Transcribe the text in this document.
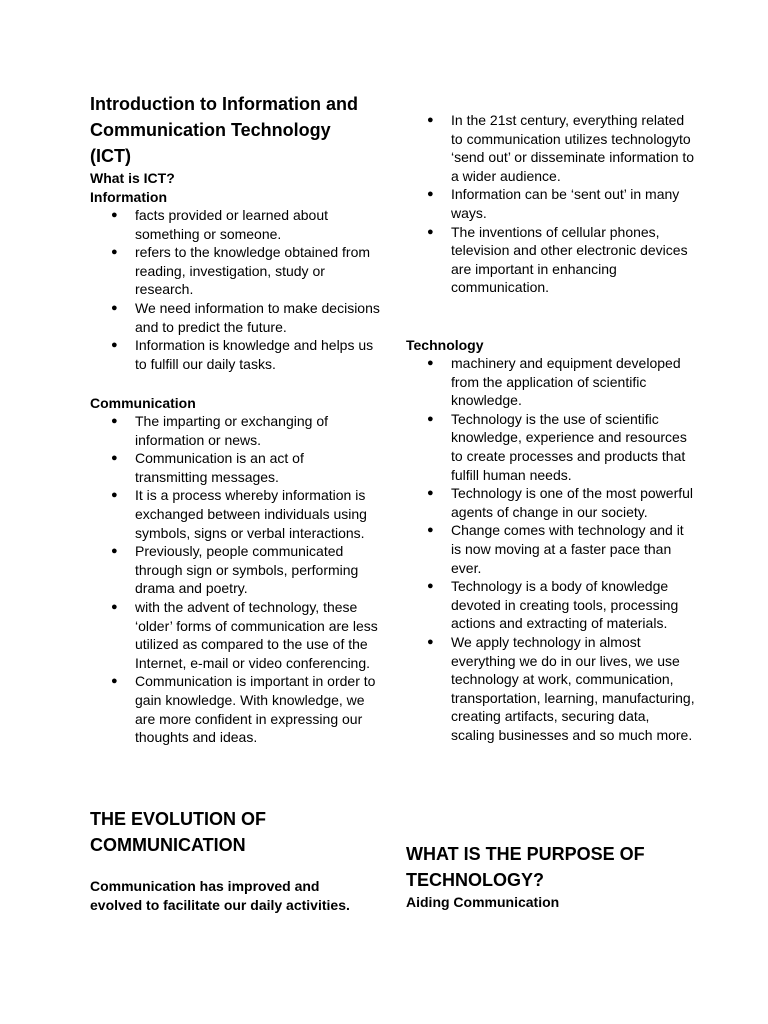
Introduction to Information and Communication Technology (ICT)
What is ICT?
Information
● facts provided or learned about something or someone.
● refers to the knowledge obtained from reading, investigation, study or research.
● We need information to make decisions and to predict the future.
● Information is knowledge and helps us to fulfill our daily tasks.
Communication
● The imparting or exchanging of information or news.
● Communication is an act of transmitting messages.
● It is a process whereby information is exchanged between individuals using symbols, signs or verbal interactions.
● Previously, people communicated through sign or symbols, performing drama and poetry.
● with the advent of technology, these ‘older’ forms of communication are less utilized as compared to the use of the Internet, e-mail or video conferencing.
● Communication is important in order to gain knowledge. With knowledge, we are more confident in expressing our thoughts and ideas.
THE EVOLUTION OF COMMUNICATION

Communication has improved and evolved to facilitate our daily activities.

● In the 21st century, everything related to communication utilizes technologyto ‘send out’ or disseminate information to a wider audience.
● Information can be ‘sent out’ in many ways.
● The inventions of cellular phones, television and other electronic devices are important in enhancing communication.
Technology
● machinery and equipment developed from the application of scientific knowledge.
● Technology is the use of scientific knowledge, experience and resources to create processes and products that fulfill human needs.
● Technology is one of the most powerful agents of change in our society.
● Change comes with technology and it is now moving at a faster pace than ever.
● Technology is a body of knowledge devoted in creating tools, processing actions and extracting of materials.
● We apply technology in almost everything we do in our lives, we use technology at work, communication, transportation, learning, manufacturing, creating artifacts, securing data, scaling businesses and so much more.
WHAT IS THE PURPOSE OF TECHNOLOGY?
Aiding Communication
